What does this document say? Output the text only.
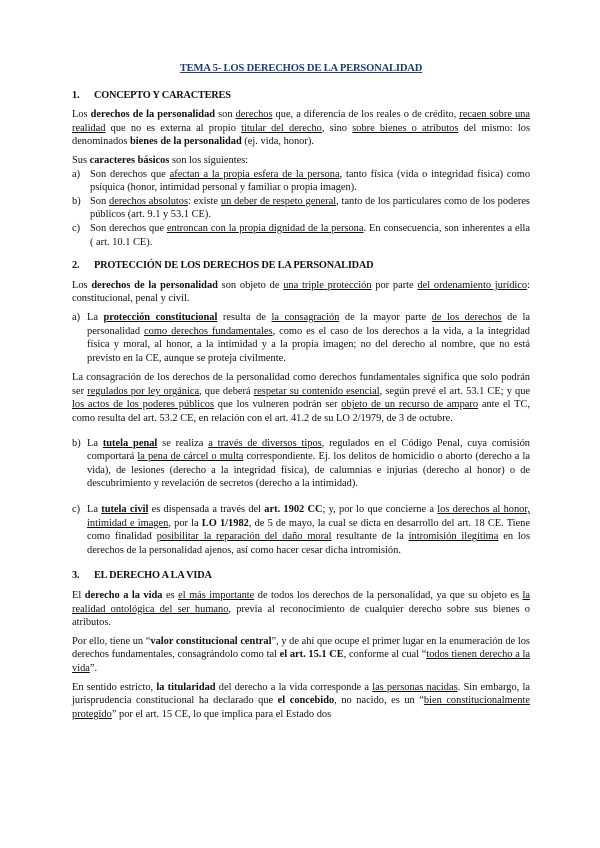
TEMA 5- LOS DERECHOS DE LA PERSONALIDAD
1. CONCEPTO Y CARACTERES

Los derechos de la personalidad son derechos que, a diferencia de los reales o de crédito, recaen sobre una realidad que no es externa al propio titular del derecho, sino sobre bienes o atributos del mismo: los denominados bienes de la personalidad (ej. vida, honor).

Sus caracteres básicos son los siguientes:
a) Son derechos que afectan a la propia esfera de la persona, tanto física (vida o integridad física) como psíquica (honor, intimidad personal y familiar o propia imagen).
b) Son derechos absolutos: existe un deber de respeto general, tanto de los particulares como de los poderes públicos (art. 9.1 y 53.1 CE).
c) Son derechos que entroncan con la propia dignidad de la persona. En consecuencia, son inherentes a ella ( art. 10.1 CE).
2. PROTECCIÓN DE LOS DERECHOS DE LA PERSONALIDAD

Los derechos de la personalidad son objeto de una triple protección por parte del ordenamiento jurídico: constitucional, penal y civil.

a) La protección constitucional resulta de la consagración de la mayor parte de los derechos de la personalidad como derechos fundamentales, como es el caso de los derechos a la vida, a la integridad física y moral, al honor, a la intimidad y a la propia imagen; no del derecho al nombre, que no está previsto en la CE, aunque se proteja civilmente.

La consagración de los derechos de la personalidad como derechos fundamentales significa que solo podrán ser regulados por ley orgánica, que deberá respetar su contenido esencial, según prevé el art. 53.1 CE; y que los actos de los poderes públicos que los vulneren podrán ser objeto de un recurso de amparo ante el TC, como resulta del art. 53.2 CE, en relación con el art. 41.2 de su LO 2/1979, de 3 de octubre.

b) La tutela penal se realiza a través de diversos tipos, regulados en el Código Penal, cuya comisión comportará la pena de cárcel o multa correspondiente. Ej. los delitos de homicidio o aborto (derecho a la vida), de lesiones (derecho a la integridad física), de calumnias e injurias (derecho al honor) o de descubrimiento y revelación de secretos (derecho a la intimidad).
c) La tutela civil es dispensada a través del art. 1902 CC; y, por lo que concierne a los derechos al honor, intimidad e imagen, por la LO 1/1982, de 5 de mayo, la cual se dicta en desarrollo del art. 18 CE. Tiene como finalidad posibilitar la reparación del daño moral resultante de la intromisión ilegítima en los derechos de la personalidad ajenos, así como hacer cesar dicha intromisión.
3. EL DERECHO A LA VIDA

El derecho a la vida es el más importante de todos los derechos de la personalidad, ya que su objeto es la realidad ontológica del ser humano, previa al reconocimiento de cualquier derecho sobre sus bienes o atributos.

Por ello, tiene un “valor constitucional central”, y de ahí que ocupe el primer lugar en la enumeración de los derechos fundamentales, consagrándolo como tal el art. 15.1 CE, conforme al cual “todos tienen derecho a la vida”.

En sentido estricto, la titularidad del derecho a la vida corresponde a las personas nacidas. Sin embargo, la jurisprudencia constitucional ha declarado que el concebido, no nacido, es un “bien constitucionalmente protegido” por el art. 15 CE, lo que implica para el Estado dos
